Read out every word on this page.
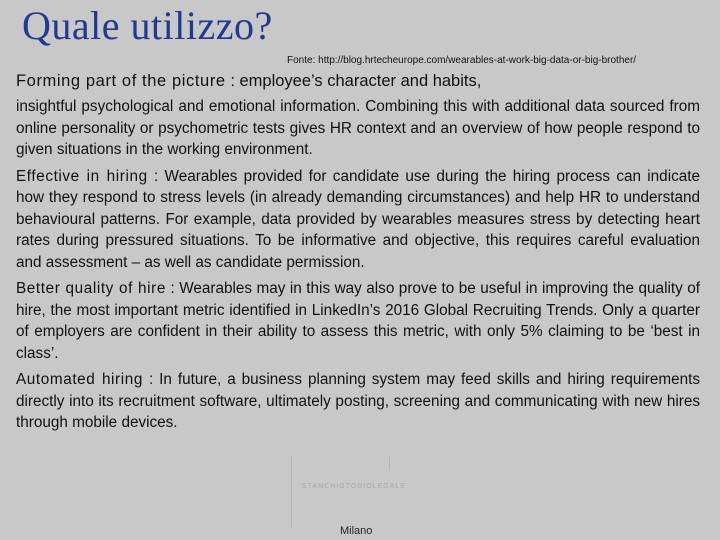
Quale utilizzo?
Fonte: http://blog.hrtecheurope.com/wearables-at-work-big-data-or-big-brother/

Forming part of the picture : employee’s character and habits,
insightful psychological and emotional information. Combining this with additional data sourced from online personality or psychometric tests gives HR context and an overview of how people respond to given situations in the working environment.

Effective in hiring : Wearables provided for candidate use during the hiring process can indicate how they respond to stress levels (in already demanding circumstances) and help HR to understand behavioural patterns. For example, data provided by wearables measures stress by detecting heart rates during pressured situations. To be informative and objective, this requires careful evaluation and assessment – as well as candidate permission.

Better quality of hire : Wearables may in this way also prove to be useful in improving the quality of hire, the most important metric identified in LinkedIn’s 2016 Global Recruiting Trends. Only a quarter of employers are confident in their ability to assess this metric, with only 5% claiming to be ‘best in class’.

Automated hiring : In future, a business planning system may feed skills and hiring requirements directly into its recruitment software, ultimately posting, screening and communicating with new hires through mobile devices.

STANCHIGTODIOLEGALE
Milano
